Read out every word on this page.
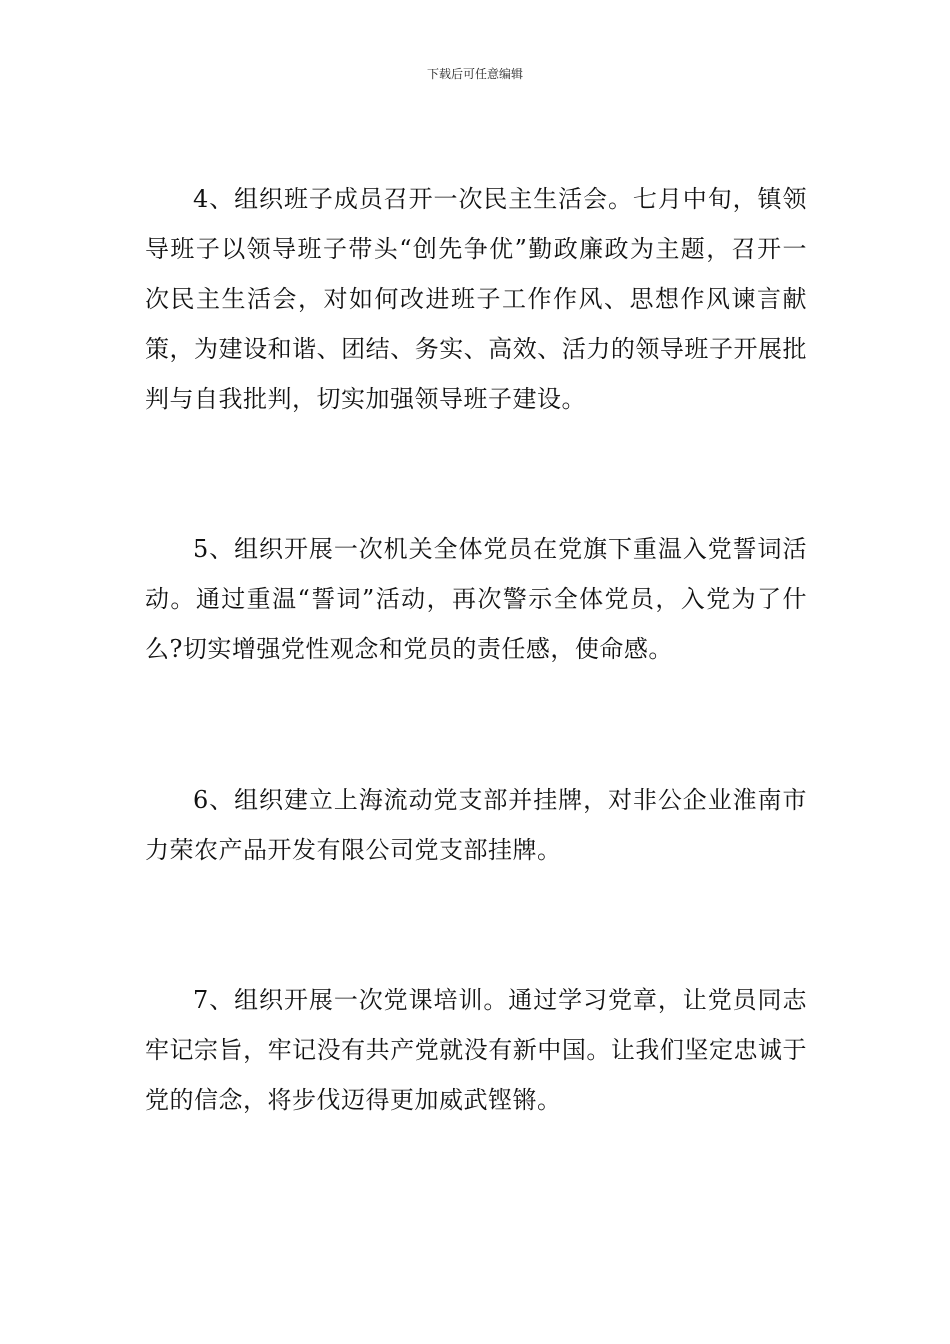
下载后可任意编辑

4、组织班子成员召开一次民主生活会。七月中旬，镇领导班子以领导班子带头“创先争优”勤政廉政为主题，召开一次民主生活会，对如何改进班子工作作风、思想作风谏言献策，为建设和谐、团结、务实、高效、活力的领导班子开展批判与自我批判，切实加强领导班子建设。

5、组织开展一次机关全体党员在党旗下重温入党誓词活动。通过重温“誓词”活动，再次警示全体党员，入党为了什么?切实增强党性观念和党员的责任感，使命感。

6、组织建立上海流动党支部并挂牌，对非公企业淮南市力荣农产品开发有限公司党支部挂牌。

7、组织开展一次党课培训。通过学习党章，让党员同志牢记宗旨，牢记没有共产党就没有新中国。让我们坚定忠诚于党的信念，将步伐迈得更加威武铿锵。
